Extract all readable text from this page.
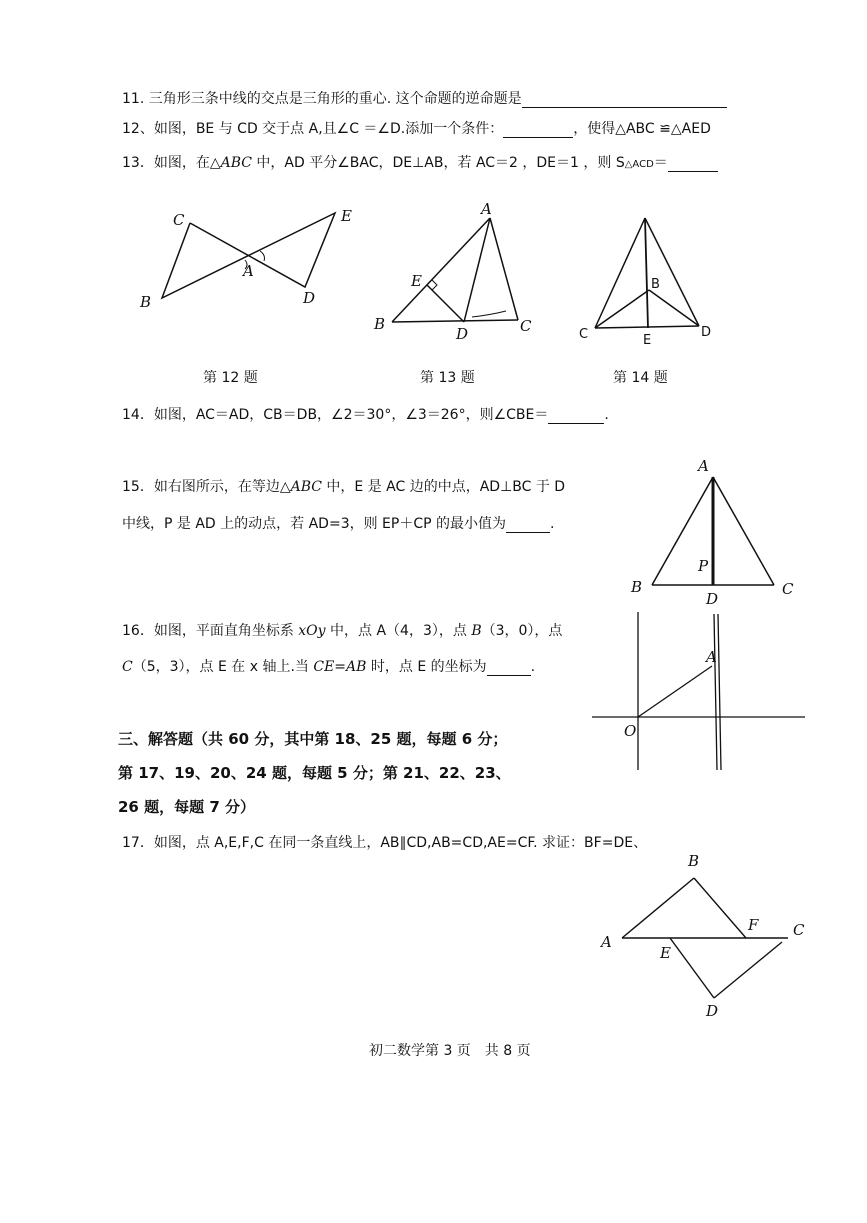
11. 三角形三条中线的交点是三角形的重心. 这个命题的逆命题是
12、如图，BE 与 CD 交于点 A,且∠C ＝∠D.添加一个条件：	，使得△ABC ≌△AED
13．如图，在△ABC 中，AD 平分∠BAC，DE⊥AB，若 AC＝2 ，DE＝1 ，则 S△ACD＝
C	E
A
B	D
A
E
B
D	C
B
C	E
D
第 12 题	第 13 题	第 14 题
14．如图，AC＝AD，CB＝DB，∠2＝30°，∠3＝26°，则∠CBE＝	.
15．如右图所示，在等边△ABC 中，E 是 AC 边的中点，AD⊥BC 于 D
中线，P 是 AD 上的动点，若 AD=3，则 EP＋CP 的最小值为	.
A
B	C
P
D
16．如图，平面直角坐标系 xOy 中，点 A（4，3），点 B（3，0），点
C（5，3），点 E 在 x 轴上.当 CE=AB 时，点 E 的坐标为	.
A
O
三、解答题（共 60 分，其中第 18、25 题，每题 6 分；
第 17、19、20、24 题，每题 5 分；第 21、22、23、
26 题，每题 7 分）
17．如图，点 A,E,F,C 在同一条直线上，AB∥CD,AB=CD,AE=CF. 求证：BF=DE、
B
F C
A
E
D
初二数学第 3 页　共 8 页
